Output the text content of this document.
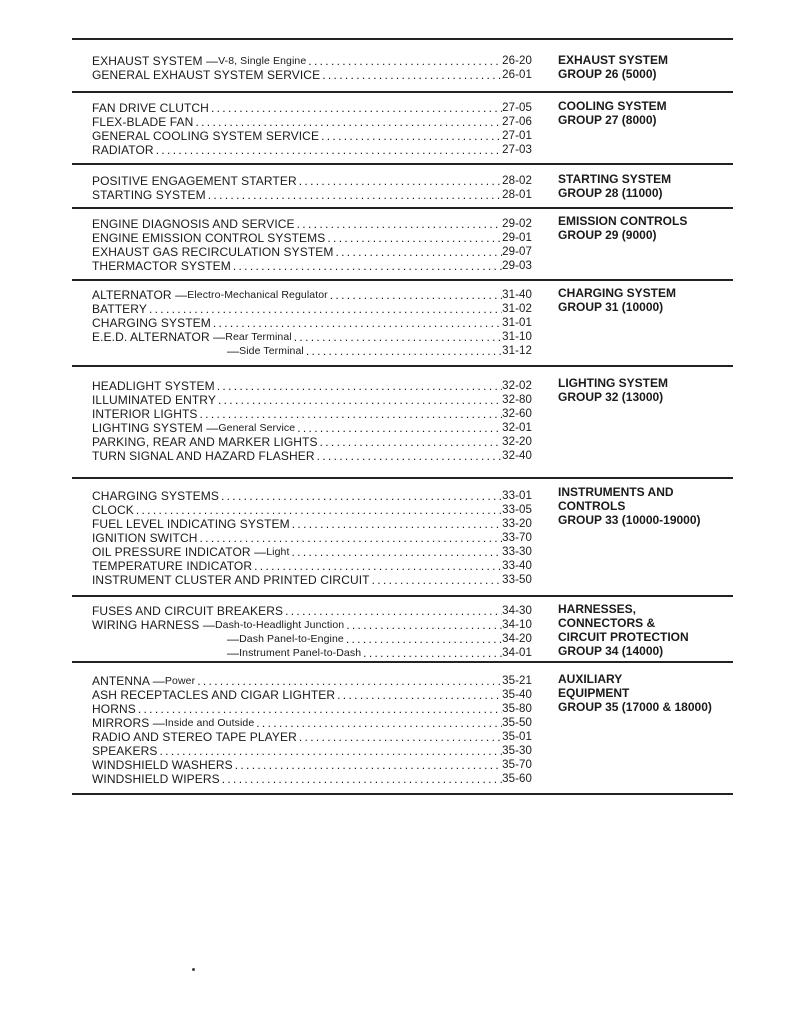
EXHAUST SYSTEM — V-8, Single Engine . . .	26-20
GENERAL EXHAUST SYSTEM SERVICE . . .	26-01
EXHAUST SYSTEM
GROUP 26 (5000)
FAN DRIVE CLUTCH . . .	27-05
FLEX-BLADE FAN . . .	27-06
GENERAL COOLING SYSTEM SERVICE . . .	27-01
RADIATOR . . .	27-03
COOLING SYSTEM
GROUP 27 (8000)
POSITIVE ENGAGEMENT STARTER . . .	28-02
STARTING SYSTEM . . .	28-01
STARTING SYSTEM
GROUP 28 (11000)
ENGINE DIAGNOSIS AND SERVICE . . .	29-02
ENGINE EMISSION CONTROL SYSTEMS . . .	29-01
EXHAUST GAS RECIRCULATION SYSTEM . . .	29-07
THERMACTOR SYSTEM . . .	29-03
EMISSION CONTROLS
GROUP 29 (9000)
ALTERNATOR — Electro-Mechanical Regulator . . .	31-40
BATTERY . . .	31-02
CHARGING SYSTEM . . .	31-01
E.E.D. ALTERNATOR — Rear Terminal . . .	31-10
— Side Terminal . . .	31-12
CHARGING SYSTEM
GROUP 31 (10000)
HEADLIGHT SYSTEM . . .	32-02
ILLUMINATED ENTRY . . .	32-80
INTERIOR LIGHTS . . .	32-60
LIGHTING SYSTEM — General Service . . .	32-01
PARKING, REAR AND MARKER LIGHTS . . .	32-20
TURN SIGNAL AND HAZARD FLASHER . . .	32-40
LIGHTING SYSTEM
GROUP 32 (13000)
CHARGING SYSTEMS . . .	33-01
CLOCK . . .	33-05
FUEL LEVEL INDICATING SYSTEM . . .	33-20
IGNITION SWITCH . . .	33-70
OIL PRESSURE INDICATOR — Light . . .	33-30
TEMPERATURE INDICATOR . . .	33-40
INSTRUMENT CLUSTER AND PRINTED CIRCUIT . . .	33-50
INSTRUMENTS AND
CONTROLS
GROUP 33 (10000-19000)
FUSES AND CIRCUIT BREAKERS . . .	34-30
WIRING HARNESS — Dash-to-Headlight Junction . . .	34-10
— Dash Panel-to-Engine . . .	34-20
— Instrument Panel-to-Dash . . .	34-01
HARNESSES,
CONNECTORS &
CIRCUIT PROTECTION
GROUP 34 (14000)
ANTENNA — Power . . .	35-21
ASH RECEPTACLES AND CIGAR LIGHTER . . .	35-40
HORNS . . .	35-80
MIRRORS — Inside and Outside . . .	35-50
RADIO AND STEREO TAPE PLAYER . . .	35-01
SPEAKERS . . .	35-30
WINDSHIELD WASHERS . . .	35-70
WINDSHIELD WIPERS . . .	35-60
AUXILIARY
EQUIPMENT
GROUP 35 (17000 & 18000)
